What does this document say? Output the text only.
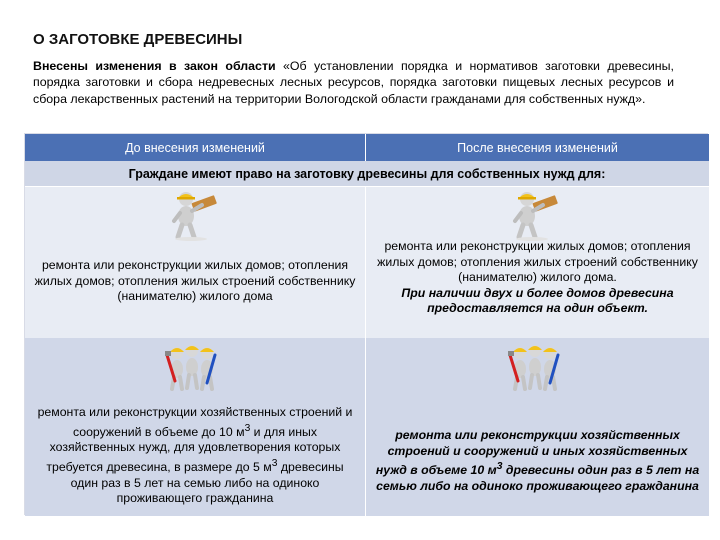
О ЗАГОТОВКЕ ДРЕВЕСИНЫ
Внесены изменения в закон области «Об установлении порядка и нормативов заготовки древесины, порядка заготовки и сбора недревесных лесных ресурсов, порядка заготовки пищевых лесных ресурсов и сбора лекарственных растений на территории Вологодской области гражданами для собственных нужд».
До внесения изменений	После внесения изменений
Граждане имеют право на заготовку древесины для собственных нужд для:
ремонта или реконструкции жилых домов; отопления жилых домов; отопления жилых строений собственнику (нанимателю) жилого дома
ремонта или реконструкции жилых домов; отопления жилых домов; отопления жилых строений собственнику (нанимателю) жилого дома.
При наличии двух и более домов древесина предоставляется на один объект.
ремонта или реконструкции хозяйственных строений и сооружений в объеме до 10 $м^3$ и для иных хозяйственных нужд, для удовлетворения которых требуется древесина, в размере до 5 $м^3$ древесины один раз в 5 лет на семью либо на одиноко проживающего гражданина
ремонта или реконструкции хозяйственных строений и сооружений и иных хозяйственных нужд в объеме 10 $м^3$ древесины один раз в 5 лет на семью либо на одиноко проживающего гражданина
